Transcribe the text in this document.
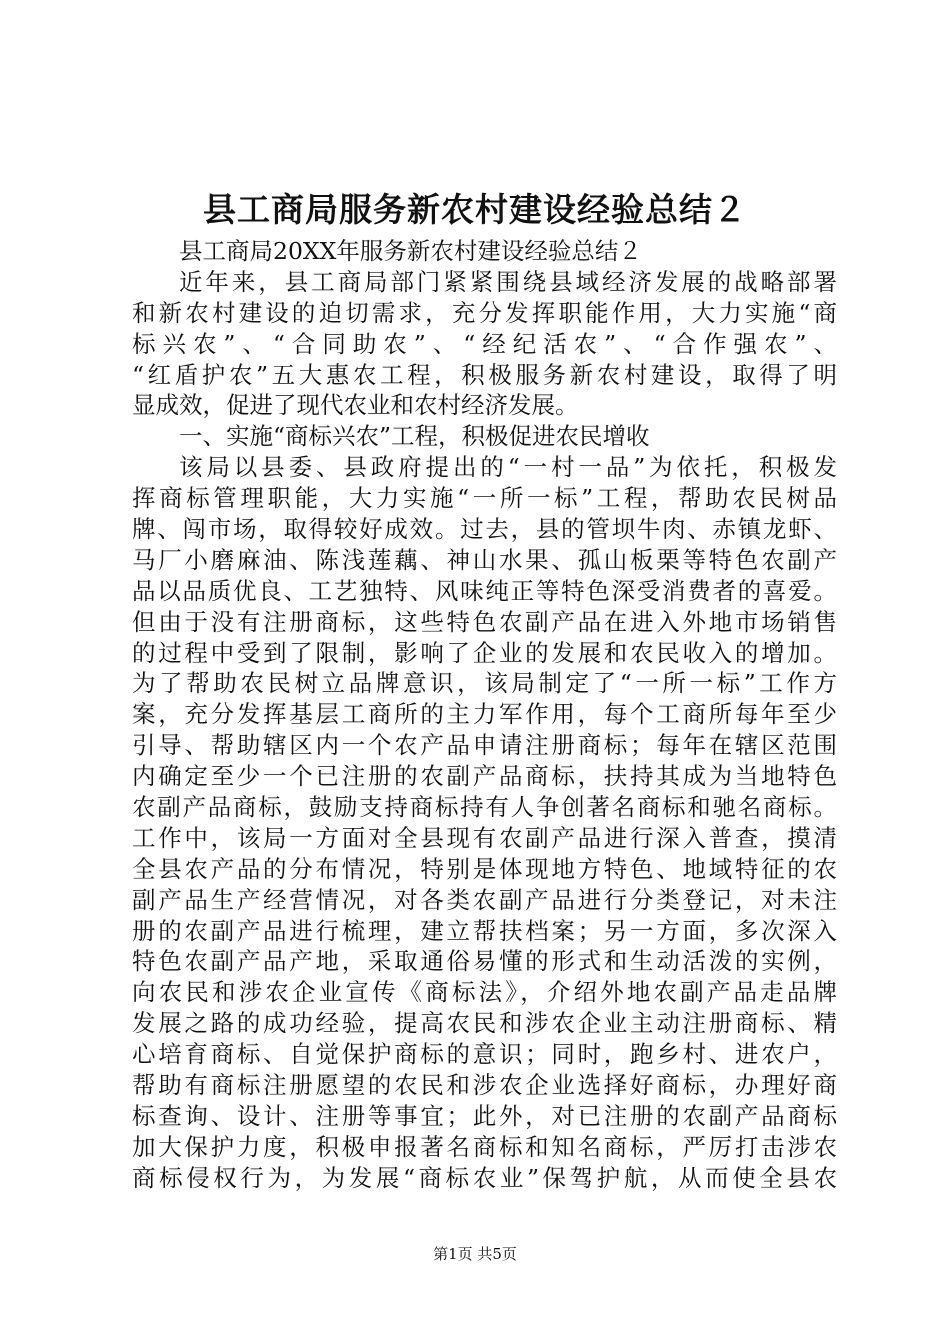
县工商局服务新农村建设经验总结２
县工商局20XX年服务新农村建设经验总结２
近年来，县工商局部门紧紧围绕县域经济发展的战略部署
和新农村建设的迫切需求，充分发挥职能作用，大力实施“商
标兴农”、“合同助农”、“经纪活农”、“合作强农”、
“红盾护农”五大惠农工程，积极服务新农村建设，取得了明
显成效，促进了现代农业和农村经济发展。
一、实施“商标兴农”工程，积极促进农民增收
该局以县委、县政府提出的“一村一品”为依托，积极发
挥商标管理职能，大力实施“一所一标”工程，帮助农民树品
牌、闯市场，取得较好成效。过去，县的管坝牛肉、赤镇龙虾、
马厂小磨麻油、陈浅莲藕、神山水果、孤山板栗等特色农副产
品以品质优良、工艺独特、风味纯正等特色深受消费者的喜爱。
但由于没有注册商标，这些特色农副产品在进入外地市场销售
的过程中受到了限制，影响了企业的发展和农民收入的增加。
为了帮助农民树立品牌意识，该局制定了“一所一标”工作方
案，充分发挥基层工商所的主力军作用，每个工商所每年至少
引导、帮助辖区内一个农产品申请注册商标；每年在辖区范围
内确定至少一个已注册的农副产品商标，扶持其成为当地特色
农副产品商标，鼓励支持商标持有人争创著名商标和驰名商标。
工作中，该局一方面对全县现有农副产品进行深入普查，摸清
全县农产品的分布情况，特别是体现地方特色、地域特征的农
副产品生产经营情况，对各类农副产品进行分类登记，对未注
册的农副产品进行梳理，建立帮扶档案；另一方面，多次深入
特色农副产品产地，采取通俗易懂的形式和生动活泼的实例，
向农民和涉农企业宣传《商标法》，介绍外地农副产品走品牌
发展之路的成功经验，提高农民和涉农企业主动注册商标、精
心培育商标、自觉保护商标的意识；同时，跑乡村、进农户，
帮助有商标注册愿望的农民和涉农企业选择好商标，办理好商
标查询、设计、注册等事宜；此外，对已注册的农副产品商标
加大保护力度，积极申报著名商标和知名商标，严厉打击涉农
商标侵权行为，为发展“商标农业”保驾护航，从而使全县农
第1页 共5页
